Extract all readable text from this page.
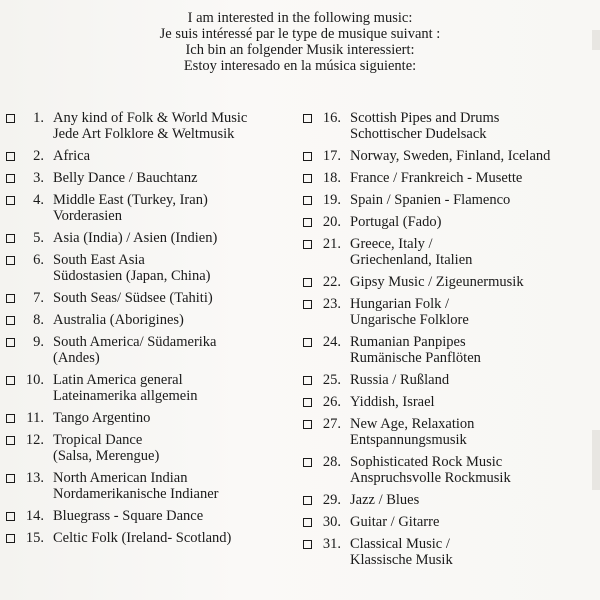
I am interested in the following music:
Je suis intéressé par le type de musique suivant :
Ich bin an folgender Musik interessiert:
Estoy interesado en la música siguiente:
1. Any kind of Folk & World Music
Jede Art Folklore & Weltmusik
2. Africa
3. Belly Dance / Bauchtanz
4. Middle East (Turkey, Iran)
Vorderasien
5. Asia (India) / Asien (Indien)
6. South East Asia
Südostasien (Japan, China)
7. South Seas/ Südsee (Tahiti)
8. Australia (Aborigines)
9. South America/ Südamerika
(Andes)
10. Latin America general
Lateinamerika allgemein
11. Tango Argentino
12. Tropical Dance
(Salsa, Merengue)
13. North American Indian
Nordamerikanische Indianer
14. Bluegrass - Square Dance
15. Celtic Folk (Ireland- Scotland)
16. Scottish Pipes and Drums
Schottischer Dudelsack
17. Norway, Sweden, Finland, Iceland
18. France / Frankreich - Musette
19. Spain / Spanien - Flamenco
20. Portugal (Fado)
21. Greece, Italy /
Griechenland, Italien
22. Gipsy Music / Zigeunermusik
23. Hungarian Folk /
Ungarische Folklore
24. Rumanian Panpipes
Rumänische Panflöten
25. Russia / Rußland
26. Yiddish, Israel
27. New Age, Relaxation
Entspannungsmusik
28. Sophisticated Rock Music
Anspruchsvolle Rockmusik
29. Jazz / Blues
30. Guitar / Gitarre
31. Classical Music /
Klassische Musik
